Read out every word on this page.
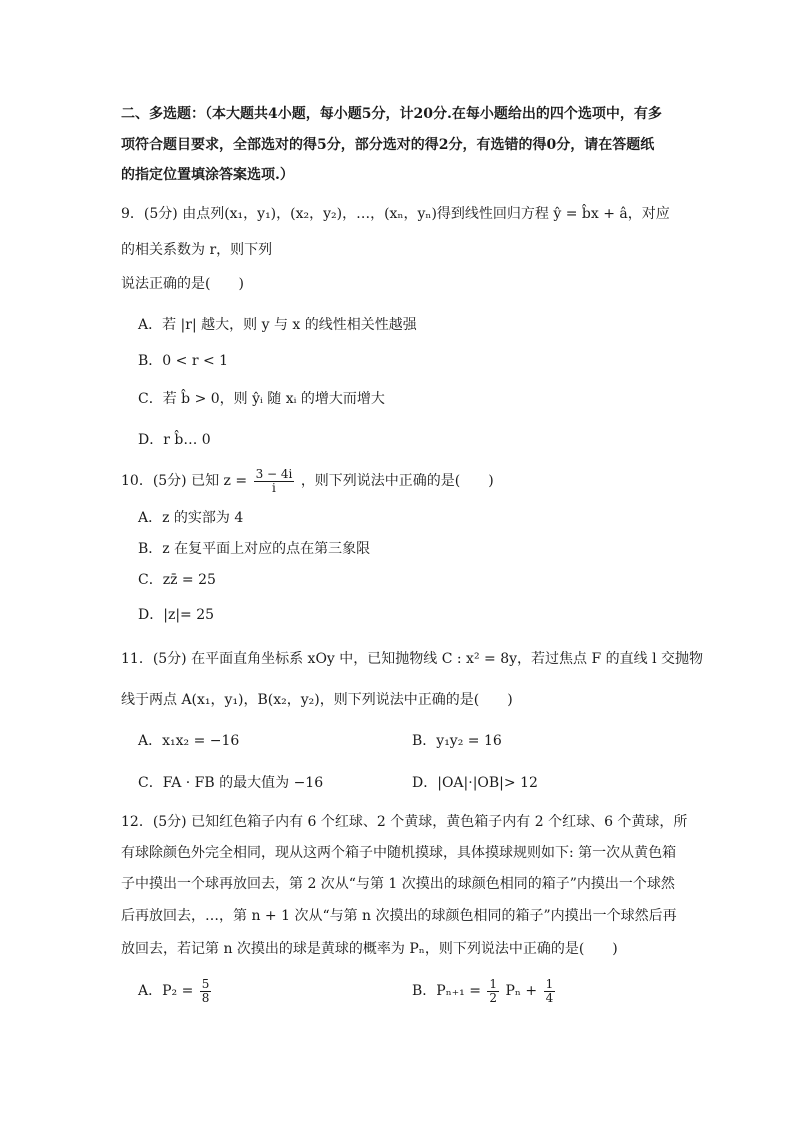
二、多选题：（本大题共4小题，每小题5分，计20分.在每小题给出的四个选项中，有多
项符合题目要求，全部选对的得5分，部分选对的得2分，有选错的得0分，请在答题纸
的指定位置填涂答案选项.）
9．(5分) 由点列(x₁，y₁)，(x₂，y₂)，…，(xₙ，yₙ)得到线性回归方程 ŷ = b̂x + â，对应
的相关系数为 r，则下列
说法正确的是(　　)
A．若 |r| 越大，则 y 与 x 的线性相关性越强
B．0 < r < 1
C．若 b̂ > 0，则 ŷᵢ 随 xᵢ 的增大而增大
D．r b̂… 0
10．(5分) 已知 $z = \frac{3 - 4i}{i}$ ，则下列说法中正确的是(　　)
A．z 的实部为 4
B．z 在复平面上对应的点在第三象限
C．zz̄ = 25
D．|z|= 25
11．(5分) 在平面直角坐标系 xOy 中，已知抛物线 C : x² = 8y，若过焦点 F 的直线 l 交抛物
线于两点 A(x₁，y₁)，B(x₂，y₂)，则下列说法中正确的是(　　)
A．x₁x₂ = −16	B．y₁y₂ = 16
C．FA · FB 的最大值为 −16	D．|OA|·|OB|> 12
12．(5分) 已知红色箱子内有 6 个红球、2 个黄球，黄色箱子内有 2 个红球、6 个黄球，所
有球除颜色外完全相同，现从这两个箱子中随机摸球，具体摸球规则如下: 第一次从黄色箱
子中摸出一个球再放回去，第 2 次从“与第 1 次摸出的球颜色相同的箱子”内摸出一个球然
后再放回去，…，第 n + 1 次从“与第 n 次摸出的球颜色相同的箱子”内摸出一个球然后再
放回去，若记第 n 次摸出的球是黄球的概率为 Pₙ，则下列说法中正确的是(　　)
A．$P_2 = \frac{5}{8}$	B．$P_{n+1} = \frac{1}{2}$ $P_n + \frac{1}{4}$
